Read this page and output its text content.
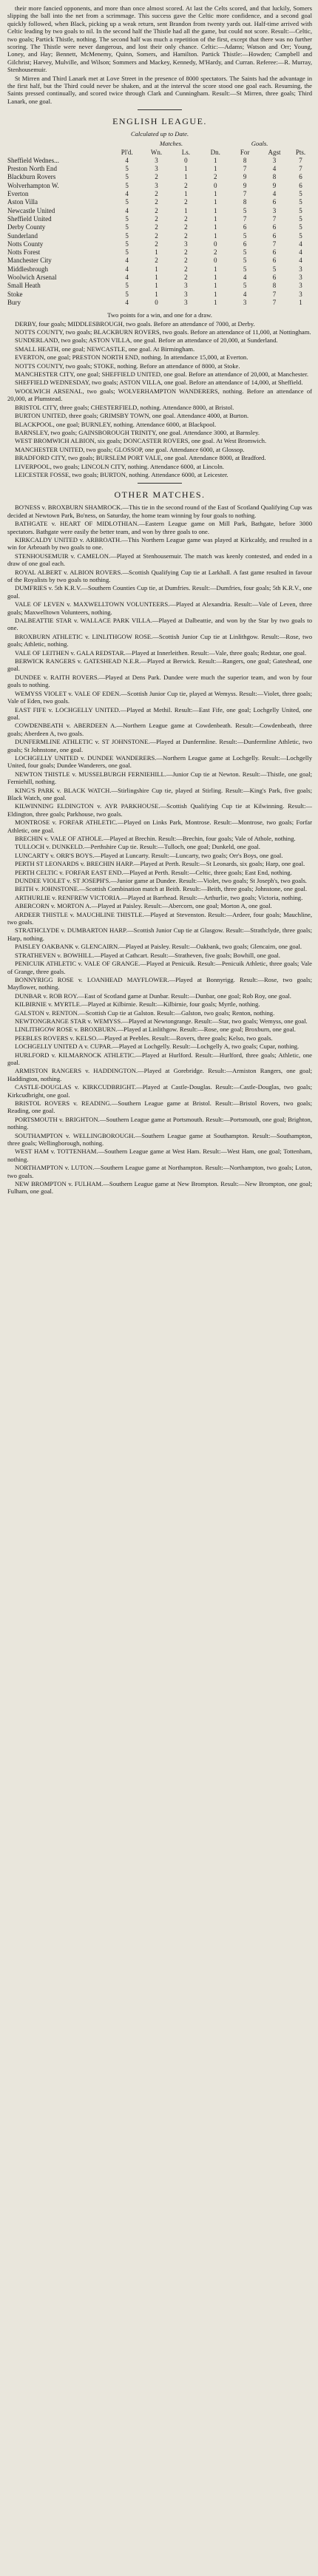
their more fancied opponents, and more than once almost scored. At last the Celts scored, and that luckily, Somers slipping the ball into the net from a scrimmage. This success gave the Celtic more confidence, and a second goal quickly followed, when Black, picking up a weak return, sent Brandon from twenty yards out. Half-time arrived with Celtic leading by two goals to nil. In the second half the Thistle had all the game, but could not score. Result:—Celtic, two goals; Partick Thistle, nothing. The second half was much a repetition of the first, except that there was no further scoring. The Thistle were never dangerous, and lost their only chance. Celtic:—Adams; Watson and Orr; Young, Loney, and Hay; Bennett, McMenemy, Quinn, Somers, and Hamilton. Partick Thistle:—Howden; Campbell and Gilchrist; Harvey, Mulville, and Wilson; Sommers and Mackey, Kennedy, M'Hardy, and Curran. Referee:—R. Murray, Stenhousemuir.

St Mirren and Third Lanark met at Love Street in the presence of 8000 spectators. The Saints had the advantage in the first half, but the Third could never be shaken, and at the interval the score stood one goal each. Resuming, the Saints pressed continually, and scored twice through Clark and Cunningham. Result:—St Mirren, three goals; Third Lanark, one goal.

ENGLISH LEAGUE.
Calculated up to Date.
	Matches.				Goals.		
	Pl'd.	Wn.	Ls.	Dn.	For	Agst	Pts.
Sheffield Wednes...	4	3	0	1	8	3	7
Preston North End	5	3	1	1	7	4	7
Blackburn Rovers	5	2	1	2	9	8	6
Wolverhampton W.	5	3	2	0	9	9	6
Everton	4	2	1	1	7	4	5
Aston Villa	5	2	2	1	8	6	5
Newcastle United	4	2	1	1	5	3	5
Sheffield United	5	2	2	1	7	7	5
Derby County	5	2	2	1	6	6	5
Sunderland	5	2	2	1	5	6	5
Notts County	5	2	3	0	6	7	4
Notts Forest	5	1	2	2	5	6	4
Manchester City	4	2	2	0	5	6	4
Middlesbrough	4	1	2	1	5	5	3
Woolwich Arsenal	4	1	2	1	4	6	3
Small Heath	5	1	3	1	5	8	3
Stoke	5	1	3	1	4	7	3
Bury	4	0	3	1	3	7	1

Two points for a win, and one for a draw.

DERBY, four goals; MIDDLESBROUGH, two goals. Before an attendance of 7000, at Derby.

NOTTS COUNTY, two goals; BLACKBURN ROVERS, two goals. Before an attendance of 11,000, at Nottingham.

SUNDERLAND, two goals; ASTON VILLA, one goal. Before an attendance of 20,000, at Sunderland.

SMALL HEATH, one goal; NEWCASTLE, one goal. At Birmingham.

EVERTON, one goal; PRESTON NORTH END, nothing. In attendance 15,000, at Everton.

NOTTS COUNTY, two goals; STOKE, nothing. Before an attendance of 8000, at Stoke.

MANCHESTER CITY, one goal; SHEFFIELD UNITED, one goal. Before an attendance of 20,000, at Manchester.

SHEFFIELD WEDNESDAY, two goals; ASTON VILLA, one goal. Before an attendance of 14,000, at Sheffield.

WOOLWICH ARSENAL, two goals; WOLVERHAMPTON WANDERERS, nothing. Before an attendance of 20,000, at Plumstead.

BRISTOL CITY, three goals; CHESTERFIELD, nothing. Attendance 8000, at Bristol.

BURTON UNITED, three goals; GRIMSBY TOWN, one goal. Attendance 4000, at Burton.

BLACKPOOL, one goal; BURNLEY, nothing. Attendance 6000, at Blackpool.

BARNSLEY, two goals; GAINSBOROUGH TRINITY, one goal. Attendance 3000, at Barnsley.

WEST BROMWICH ALBION, six goals; DONCASTER ROVERS, one goal. At West Bromwich.

MANCHESTER UNITED, two goals; GLOSSOP, one goal. Attendance 6000, at Glossop.

BRADFORD CITY, two goals; BURSLEM PORT VALE, one goal. Attendance 8000, at Bradford.

LIVERPOOL, two goals; LINCOLN CITY, nothing. Attendance 6000, at Lincoln.

LEICESTER FOSSE, two goals; BURTON, nothing. Attendance 6000, at Leicester.

OTHER MATCHES.

BO'NESS v. BROXBURN SHAMROCK.—This tie in the second round of the East of Scotland Qualifying Cup was decided at Newtown Park, Bo'ness, on Saturday, the home team winning by four goals to nothing.

BATHGATE v. HEART OF MIDLOTHIAN.—Eastern League game on Mill Park, Bathgate, before 3000 spectators. Bathgate were easily the better team, and won by three goals to one.

KIRKCALDY UNITED v. ARBROATH.—This Northern League game was played at Kirkcaldy, and resulted in a win for Arbroath by two goals to one.

STENHOUSEMUIR v. CAMELON.—Played at Stenhousemuir. The match was keenly contested, and ended in a draw of one goal each.

ROYAL ALBERT v. ALBION ROVERS.—Scottish Qualifying Cup tie at Larkhall. A fast game resulted in favour of the Royalists by two goals to nothing.

DUMFRIES v. 5th K.R.V.—Southern Counties Cup tie, at Dumfries. Result:—Dumfries, four goals; 5th K.R.V., one goal.

VALE OF LEVEN v. MAXWELLTOWN VOLUNTEERS.—Played at Alexandria. Result:—Vale of Leven, three goals; Maxwelltown Volunteers, nothing.

DALBEATTIE STAR v. WALLACE PARK VILLA.—Played at Dalbeattie, and won by the Star by two goals to one.

BROXBURN ATHLETIC v. LINLITHGOW ROSE.—Scottish Junior Cup tie at Linlithgow. Result:—Rose, two goals; Athletic, nothing.

VALE OF LEITHEN v. GALA REDSTAR.—Played at Innerleithen. Result:—Vale, three goals; Redstar, one goal.

BERWICK RANGERS v. GATESHEAD N.E.R.—Played at Berwick. Result:—Rangers, one goal; Gateshead, one goal.

DUNDEE v. RAITH ROVERS.—Played at Dens Park. Dundee were much the superior team, and won by four goals to nothing.

WEMYSS VIOLET v. VALE OF EDEN.—Scottish Junior Cup tie, played at Wemyss. Result:—Violet, three goals; Vale of Eden, two goals.

EAST FIFE v. LOCHGELLY UNITED.—Played at Methil. Result:—East Fife, one goal; Lochgelly United, one goal.

COWDENBEATH v. ABERDEEN A.—Northern League game at Cowdenbeath. Result:—Cowdenbeath, three goals; Aberdeen A, two goals.

DUNFERMLINE ATHLETIC v. ST JOHNSTONE.—Played at Dunfermline. Result:—Dunfermline Athletic, two goals; St Johnstone, one goal.

LOCHGELLY UNITED v. DUNDEE WANDERERS.—Northern League game at Lochgelly. Result:—Lochgelly United, four goals; Dundee Wanderers, one goal.

NEWTON THISTLE v. MUSSELBURGH FERNIEHILL.—Junior Cup tie at Newton. Result:—Thistle, one goal; Ferniehill, nothing.

KING'S PARK v. BLACK WATCH.—Stirlingshire Cup tie, played at Stirling. Result:—King's Park, five goals; Black Watch, one goal.

KILWINNING ELDINGTON v. AYR PARKHOUSE.—Scottish Qualifying Cup tie at Kilwinning. Result:—Eldington, three goals; Parkhouse, two goals.

MONTROSE v. FORFAR ATHLETIC.—Played on Links Park, Montrose. Result:—Montrose, two goals; Forfar Athletic, one goal.

BRECHIN v. VALE OF ATHOLE.—Played at Brechin. Result:—Brechin, four goals; Vale of Athole, nothing.

TULLOCH v. DUNKELD.—Perthshire Cup tie. Result:—Tulloch, one goal; Dunkeld, one goal.

LUNCARTY v. ORR'S BOYS.—Played at Luncarty. Result:—Luncarty, two goals; Orr's Boys, one goal.

PERTH ST LEONARDS v. BRECHIN HARP.—Played at Perth. Result:—St Leonards, six goals; Harp, one goal.

PERTH CELTIC v. FORFAR EAST END.—Played at Perth. Result:—Celtic, three goals; East End, nothing.

DUNDEE VIOLET v. ST JOSEPH'S.—Junior game at Dundee. Result:—Violet, two goals; St Joseph's, two goals.

BEITH v. JOHNSTONE.—Scottish Combination match at Beith. Result:—Beith, three goals; Johnstone, one goal.

ARTHURLIE v. RENFREW VICTORIA.—Played at Barrhead. Result:—Arthurlie, two goals; Victoria, nothing.

ABERCORN v. MORTON A.—Played at Paisley. Result:—Abercorn, one goal; Morton A, one goal.

ARDEER THISTLE v. MAUCHLINE THISTLE.—Played at Stevenston. Result:—Ardeer, four goals; Mauchline, two goals.

STRATHCLYDE v. DUMBARTON HARP.—Scottish Junior Cup tie at Glasgow. Result:—Strathclyde, three goals; Harp, nothing.

PAISLEY OAKBANK v. GLENCAIRN.—Played at Paisley. Result:—Oakbank, two goals; Glencairn, one goal.

STRATHEVEN v. BOWHILL.—Played at Cathcart. Result:—Stratheven, five goals; Bowhill, one goal.

PENICUIK ATHLETIC v. VALE OF GRANGE.—Played at Penicuik. Result:—Penicuik Athletic, three goals; Vale of Grange, three goals.

BONNYRIGG ROSE v. LOANHEAD MAYFLOWER.—Played at Bonnyrigg. Result:—Rose, two goals; Mayflower, nothing.

DUNBAR v. ROB ROY.—East of Scotland game at Dunbar. Result:—Dunbar, one goal; Rob Roy, one goal.

KILBIRNIE v. MYRTLE.—Played at Kilbirnie. Result:—Kilbirnie, four goals; Myrtle, nothing.

GALSTON v. RENTON.—Scottish Cup tie at Galston. Result:—Galston, two goals; Renton, nothing.

NEWTONGRANGE STAR v. WEMYSS.—Played at Newtongrange. Result:—Star, two goals; Wemyss, one goal.

LINLITHGOW ROSE v. BROXBURN.—Played at Linlithgow. Result:—Rose, one goal; Broxburn, one goal.

PEEBLES ROVERS v. KELSO.—Played at Peebles. Result:—Rovers, three goals; Kelso, two goals.

LOCHGELLY UNITED A v. CUPAR.—Played at Lochgelly. Result:—Lochgelly A, two goals; Cupar, nothing.

HURLFORD v. KILMARNOCK ATHLETIC.—Played at Hurlford. Result:—Hurlford, three goals; Athletic, one goal.

ARMISTON RANGERS v. HADDINGTON.—Played at Gorebridge. Result:—Armiston Rangers, one goal; Haddington, nothing.

CASTLE-DOUGLAS v. KIRKCUDBRIGHT.—Played at Castle-Douglas. Result:—Castle-Douglas, two goals; Kirkcudbright, one goal.

BRISTOL ROVERS v. READING.—Southern League game at Bristol. Result:—Bristol Rovers, two goals; Reading, one goal.

PORTSMOUTH v. BRIGHTON.—Southern League game at Portsmouth. Result:—Portsmouth, one goal; Brighton, nothing.

SOUTHAMPTON v. WELLINGBOROUGH.—Southern League game at Southampton. Result:—Southampton, three goals; Wellingborough, nothing.

WEST HAM v. TOTTENHAM.—Southern League game at West Ham. Result:—West Ham, one goal; Tottenham, nothing.

NORTHAMPTON v. LUTON.—Southern League game at Northampton. Result:—Northampton, two goals; Luton, two goals.

NEW BROMPTON v. FULHAM.—Southern League game at New Brompton. Result:—New Brompton, one goal; Fulham, one goal.
